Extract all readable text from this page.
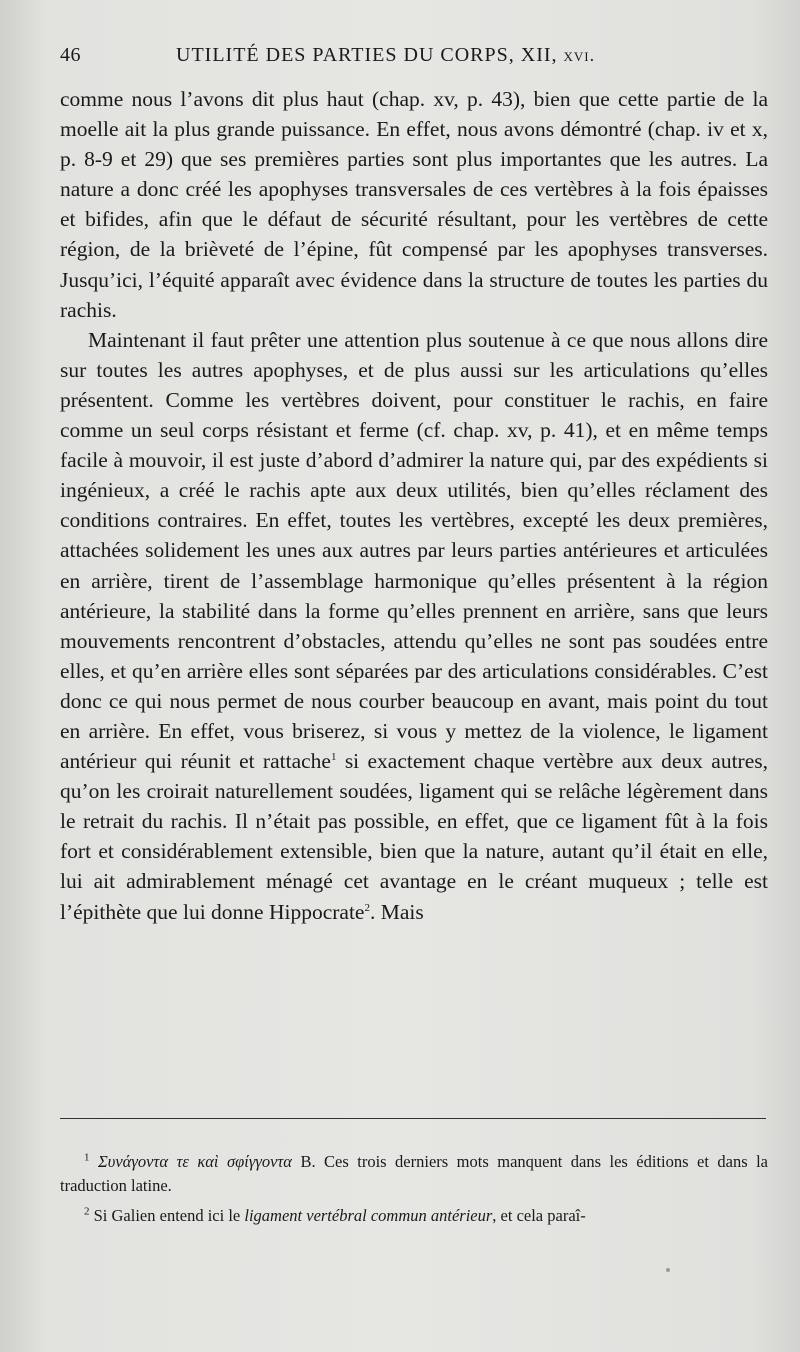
46	UTILITÉ DES PARTIES DU CORPS, XII, xvi.

comme nous l’avons dit plus haut (chap. xv, p. 43), bien que cette partie de la moelle ait la plus grande puissance. En effet, nous avons démontré (chap. iv et x, p. 8-9 et 29) que ses premières parties sont plus importantes que les autres. La nature a donc créé les apophyses transversales de ces vertèbres à la fois épaisses et bifides, afin que le défaut de sécurité résultant, pour les vertèbres de cette région, de la brièveté de l’épine, fût compensé par les apophyses transverses. Jusqu’ici, l’équité apparaît avec évidence dans la structure de toutes les parties du rachis.

Maintenant il faut prêter une attention plus soutenue à ce que nous allons dire sur toutes les autres apophyses, et de plus aussi sur les articulations qu’elles présentent. Comme les vertèbres doivent, pour constituer le rachis, en faire comme un seul corps résistant et ferme (cf. chap. xv, p. 41), et en même temps facile à mouvoir, il est juste d’abord d’admirer la nature qui, par des expédients si ingénieux, a créé le rachis apte aux deux utilités, bien qu’elles réclament des conditions contraires. En effet, toutes les vertèbres, excepté les deux premières, attachées solidement les unes aux autres par leurs parties antérieures et articulées en arrière, tirent de l’assemblage harmonique qu’elles présentent à la région antérieure, la stabilité dans la forme qu’elles prennent en arrière, sans que leurs mouvements rencontrent d’obstacles, attendu qu’elles ne sont pas soudées entre elles, et qu’en arrière elles sont séparées par des articulations considérables. C’est donc ce qui nous permet de nous courber beaucoup en avant, mais point du tout en arrière. En effet, vous briserez, si vous y mettez de la violence, le ligament antérieur qui réunit et rattache$^1$ si exactement chaque vertèbre aux deux autres, qu’on les croirait naturellement soudées, ligament qui se relâche légèrement dans le retrait du rachis. Il n’était pas possible, en effet, que ce ligament fût à la fois fort et considérablement extensible, bien que la nature, autant qu’il était en elle, lui ait admirablement ménagé cet avantage en le créant muqueux ; telle est l’épithète que lui donne Hippocrate$^2$. Mais

$^1$ Συνάγοντα τε καὶ σφίγγοντα B. Ces trois derniers mots manquent dans les éditions et dans la traduction latine.

$^2$ Si Galien entend ici le ligament vertébral commun antérieur, et cela paraî-
